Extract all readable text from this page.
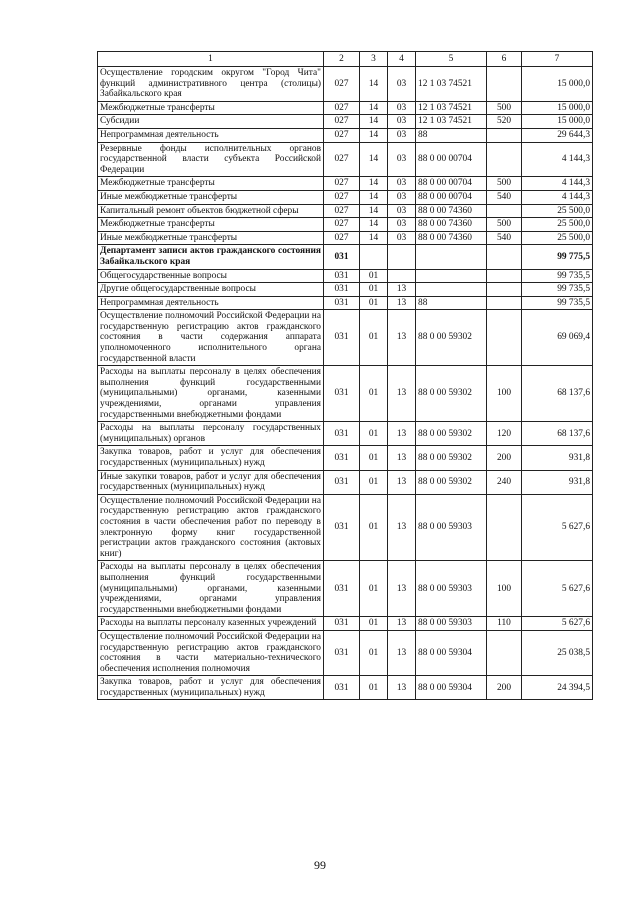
1	2	3	4	5	6	7
Осуществление городским округом "Город Чита" функций административного центра (столицы) Забайкальского края	027	14	03	12 1 03 74521		15 000,0
Межбюджетные трансферты	027	14	03	12 1 03 74521	500	15 000,0
Субсидии	027	14	03	12 1 03 74521	520	15 000,0
Непрограммная деятельность	027	14	03	88		29 644,3
Резервные фонды исполнительных органов государственной власти субъекта Российской Федерации	027	14	03	88 0 00 00704		4 144,3
Межбюджетные трансферты	027	14	03	88 0 00 00704	500	4 144,3
Иные межбюджетные трансферты	027	14	03	88 0 00 00704	540	4 144,3
Капитальный ремонт объектов бюджетной сферы	027	14	03	88 0 00 74360		25 500,0
Межбюджетные трансферты	027	14	03	88 0 00 74360	500	25 500,0
Иные межбюджетные трансферты	027	14	03	88 0 00 74360	540	25 500,0
Департамент записи актов гражданского состояния Забайкальского края	031					99 775,5
Общегосударственные вопросы	031	01				99 735,5
Другие общегосударственные вопросы	031	01	13			99 735,5
Непрограммная деятельность	031	01	13	88		99 735,5
Осуществление полномочий Российской Федерации на государственную регистрацию актов гражданского состояния в части содержания аппарата уполномоченного исполнительного органа государственной власти	031	01	13	88 0 00 59302		69 069,4
Расходы на выплаты персоналу в целях обеспечения выполнения функций государственными (муниципальными) органами, казенными учреждениями, органами управления государственными внебюджетными фондами	031	01	13	88 0 00 59302	100	68 137,6
Расходы на выплаты персоналу государственных (муниципальных) органов	031	01	13	88 0 00 59302	120	68 137,6
Закупка товаров, работ и услуг для обеспечения государственных (муниципальных) нужд	031	01	13	88 0 00 59302	200	931,8
Иные закупки товаров, работ и услуг для обеспечения государственных (муниципальных) нужд	031	01	13	88 0 00 59302	240	931,8
Осуществление полномочий Российской Федерации на государственную регистрацию актов гражданского состояния в части обеспечения работ по переводу в электронную форму книг государственной регистрации актов гражданского состояния (актовых книг)	031	01	13	88 0 00 59303		5 627,6
Расходы на выплаты персоналу в целях обеспечения выполнения функций государственными (муниципальными) органами, казенными учреждениями, органами управления государственными внебюджетными фондами	031	01	13	88 0 00 59303	100	5 627,6
Расходы на выплаты персоналу казенных учреждений	031	01	13	88 0 00 59303	110	5 627,6
Осуществление полномочий Российской Федерации на государственную регистрацию актов гражданского состояния в части материально-технического обеспечения исполнения полномочия	031	01	13	88 0 00 59304		25 038,5
Закупка товаров, работ и услуг для обеспечения государственных (муниципальных) нужд	031	01	13	88 0 00 59304	200	24 394,5
99
